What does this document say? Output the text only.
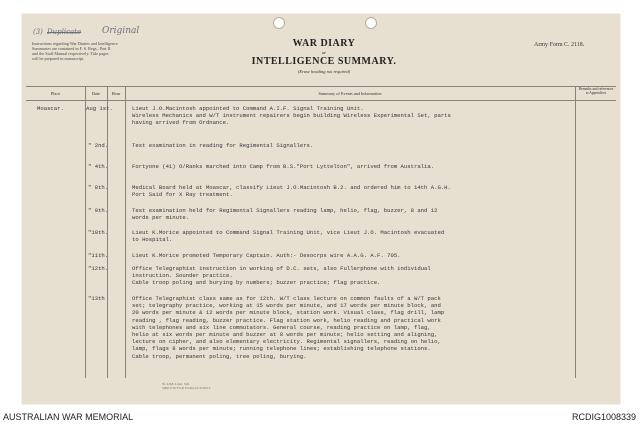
(3) Duplicate Original
Instructions regarding War Diaries and Intelligence
Summaries are contained in F. S. Regs., Part II.
and the Staff Manual respectively. Title pages
will be prepared in manuscript.
WAR DIARY
or
INTELLIGENCE SUMMARY.
(Erase heading not required)
Army Form C. 2118.
Place	Date	Hour	Summary of Events and Information
Remarks and references to Appendices
Moascar.	Aug 1st.	Lieut J.O.Macintosh appointed to Command A.I.F. Signal Training Unit.
Wireless Mechanics and W/T instrument repairers begin building Wireless Experimental Set, parts
having arrived from Ordnance.
" 2nd.	Test examination in reading for Regimental Signallers.
" 4th.	Fortyone (41) O/Ranks marched into Camp from B.S."Port Lyttelton", arrived from Australia.
" 8th.	Medical Board held at Moascar, classify Lieut J.O.Macintosh B.2. and ordered him to 14th A.G.H.
Port Said for X Ray treatment.
" 9th.	Test examination held for Regimental Signallers reading lamp, helio, flag, buzzer, 8 and 12
words per minute.
"10th.	Lieut K.Morice appointed to Command Signal Training Unit, vice Lieut J.O. Macintosh evacuated
to Hospital.
"11th.	Lieut K.Morice promoted Temporary Captain. Auth:- Desocrps wire A.A.G. A.F. 705.
"12th.	Office Telegraphist instruction in working of D.C. sets, also Fullerphone with individual
instruction. Sounder practice.
Cable troop poling and burying by numbers; buzzer practice; flag practice.
"13th	Office Telegraphist class same as for 12th. W/T class lecture on common faults of a W/T pack
set; telegraphy practice, working at 15 words per minute, and 17 words per minute block, and
20 words per minute & 12 words per minute block, station work. Visual class, flag drill, lamp
reading , flag reading, buzzer practice. Flag station work, helio reading and practical work
with telephones and six line commutators. General course, reading practice on lamp, flag,
helio at six words per minute and buzzer at 8 words per minute; helio setting and aligning,
lecture on cipher, and also elementary electricity. Regimental signallers, reading on helio,
lamp, flags 8 words per minute; running telephone lines; establishing telephone stations.
Cable troop, permanent poling, tree poling, burying.
W. 2,8,8. Ldwt. Sch.
5000 3/16 T.S.P. Forms 5/C3118/12
AUSTRALIAN WAR MEMORIAL	RCDIG1008339
